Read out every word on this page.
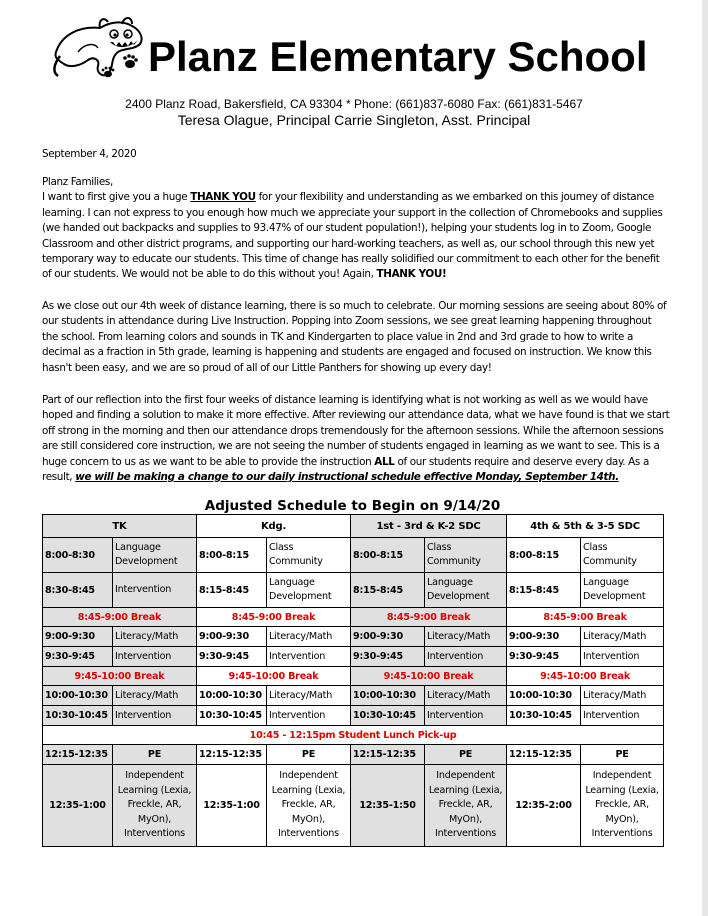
Planz Elementary School
2400 Planz Road, Bakersfield, CA 93304 * Phone: (661)837-6080 Fax: (661)831-5467
Teresa Olague, Principal Carrie Singleton, Asst. Principal
September 4, 2020

Planz Families,

I want to first give you a huge THANK YOU for your flexibility and understanding as we embarked on this journey of distance learning. I can not express to you enough how much we appreciate your support in the collection of Chromebooks and supplies (we handed out backpacks and supplies to 93.47% of our student population!), helping your students log in to Zoom, Google Classroom and other district programs, and supporting our hard-working teachers, as well as, our school through this new yet temporary way to educate our students. This time of change has really solidified our commitment to each other for the benefit of our students. We would not be able to do this without you! Again, THANK YOU!

As we close out our 4th week of distance learning, there is so much to celebrate. Our morning sessions are seeing about 80% of our students in attendance during Live Instruction. Popping into Zoom sessions, we see great learning happening throughout the school. From learning colors and sounds in TK and Kindergarten to place value in 2nd and 3rd grade to how to write a decimal as a fraction in 5th grade, learning is happening and students are engaged and focused on instruction. We know this hasn't been easy, and we are so proud of all of our Little Panthers for showing up every day!

Part of our reflection into the first four weeks of distance learning is identifying what is not working as well as we would have hoped and finding a solution to make it more effective. After reviewing our attendance data, what we have found is that we start off strong in the morning and then our attendance drops tremendously for the afternoon sessions. While the afternoon sessions are still considered core instruction, we are not seeing the number of students engaged in learning as we want to see. This is a huge concern to us as we want to be able to provide the instruction ALL of our students require and deserve every day. As a result, we will be making a change to our daily instructional schedule effective Monday, September 14th.

Adjusted Schedule to Begin on 9/14/20
TK		Kdg.		1st - 3rd & K-2 SDC		4th & 5th & 3-5 SDC	
8:00-8:30	Language Development	8:00-8:15	Class Community	8:00-8:15	Class Community	8:00-8:15	Class Community
8:30-8:45	Intervention	8:15-8:45	Language Development	8:15-8:45	Language Development	8:15-8:45	Language Development
8:45-9:00 Break		8:45-9:00 Break		8:45-9:00 Break		8:45-9:00 Break	
9:00-9:30	Literacy/Math	9:00-9:30	Literacy/Math	9:00-9:30	Literacy/Math	9:00-9:30	Literacy/Math
9:30-9:45	Intervention	9:30-9:45	Intervention	9:30-9:45	Intervention	9:30-9:45	Intervention
9:45-10:00 Break		9:45-10:00 Break		9:45-10:00 Break		9:45-10:00 Break	
10:00-10:30	Literacy/Math	10:00-10:30	Literacy/Math	10:00-10:30	Literacy/Math	10:00-10:30	Literacy/Math
10:30-10:45	Intervention	10:30-10:45	Intervention	10:30-10:45	Intervention	10:30-10:45	Intervention
10:45 - 12:15pm Student Lunch Pick-up							
12:15-12:35	PE	12:15-12:35	PE	12:15-12:35	PE	12:15-12:35	PE
12:35-1:00	Independent Learning (Lexia, Freckle, AR, MyOn), Interventions	12:35-1:00	Independent Learning (Lexia, Freckle, AR, MyOn), Interventions	12:35-1:50	Independent Learning (Lexia, Freckle, AR, MyOn), Interventions	12:35-2:00	Independent Learning (Lexia, Freckle, AR, MyOn), Interventions
